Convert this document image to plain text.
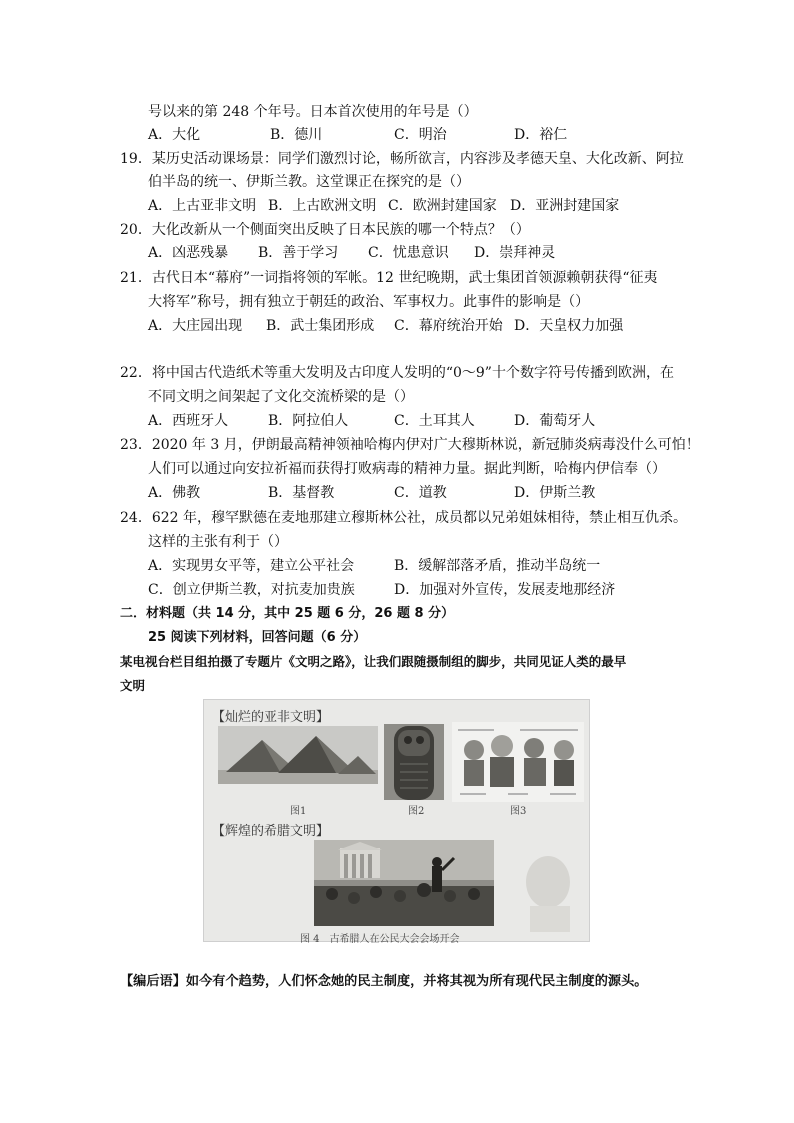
号以来的第 248 个年号。日本首次使用的年号是（）
A．大化	B．德川	C．明治	D．裕仁
19．某历史活动课场景：同学们激烈讨论，畅所欲言，内容涉及孝德天皇、大化改新、阿拉
伯半岛的统一、伊斯兰教。这堂课正在探究的是（）
A．上古亚非文明 B．上古欧洲文明 C．欧洲封建国家 D．亚洲封建国家
20．大化改新从一个侧面突出反映了日本民族的哪一个特点？（）
A．凶恶残暴 B．善于学习 C．忧患意识 D．崇拜神灵
21．古代日本“幕府”一词指将领的军帐。12 世纪晚期，武士集团首领源赖朝获得“征夷
大将军”称号，拥有独立于朝廷的政治、军事权力。此事件的影响是（）
A．大庄园出现 B．武士集团形成 C．幕府统治开始 D．天皇权力加强
22．将中国古代造纸术等重大发明及古印度人发明的“0～9”十个数字符号传播到欧洲，在
不同文明之间架起了文化交流桥梁的是（）
A．西班牙人	B．阿拉伯人	C．土耳其人	D．葡萄牙人
23．2020 年 3 月，伊朗最高精神领袖哈梅内伊对广大穆斯林说，新冠肺炎病毒没什么可怕！
人们可以通过向安拉祈福而获得打败病毒的精神力量。据此判断，哈梅内伊信奉（）
A．佛教	B．基督教	C．道教	D．伊斯兰教
24．622 年，穆罕默德在麦地那建立穆斯林公社，成员都以兄弟姐妹相待，禁止相互仇杀。
这样的主张有利于（）
A．实现男女平等，建立公平社会	B．缓解部落矛盾，推动半岛统一
C．创立伊斯兰教，对抗麦加贵族	D．加强对外宣传，发展麦地那经济
二．材料题（共 14 分，其中 25 题 6 分，26 题 8 分）
25 阅读下列材料，回答问题（6 分）
某电视台栏目组拍摄了专题片《文明之路》，让我们跟随摄制组的脚步，共同见证人类的最早
文明
【灿烂的亚非文明】
图1	图2	图3
【辉煌的希腊文明】
图 4　古希腊人在公民大会会场开会
【编后语】如今有个趋势，人们怀念她的民主制度，并将其视为所有现代民主制度的源头。
